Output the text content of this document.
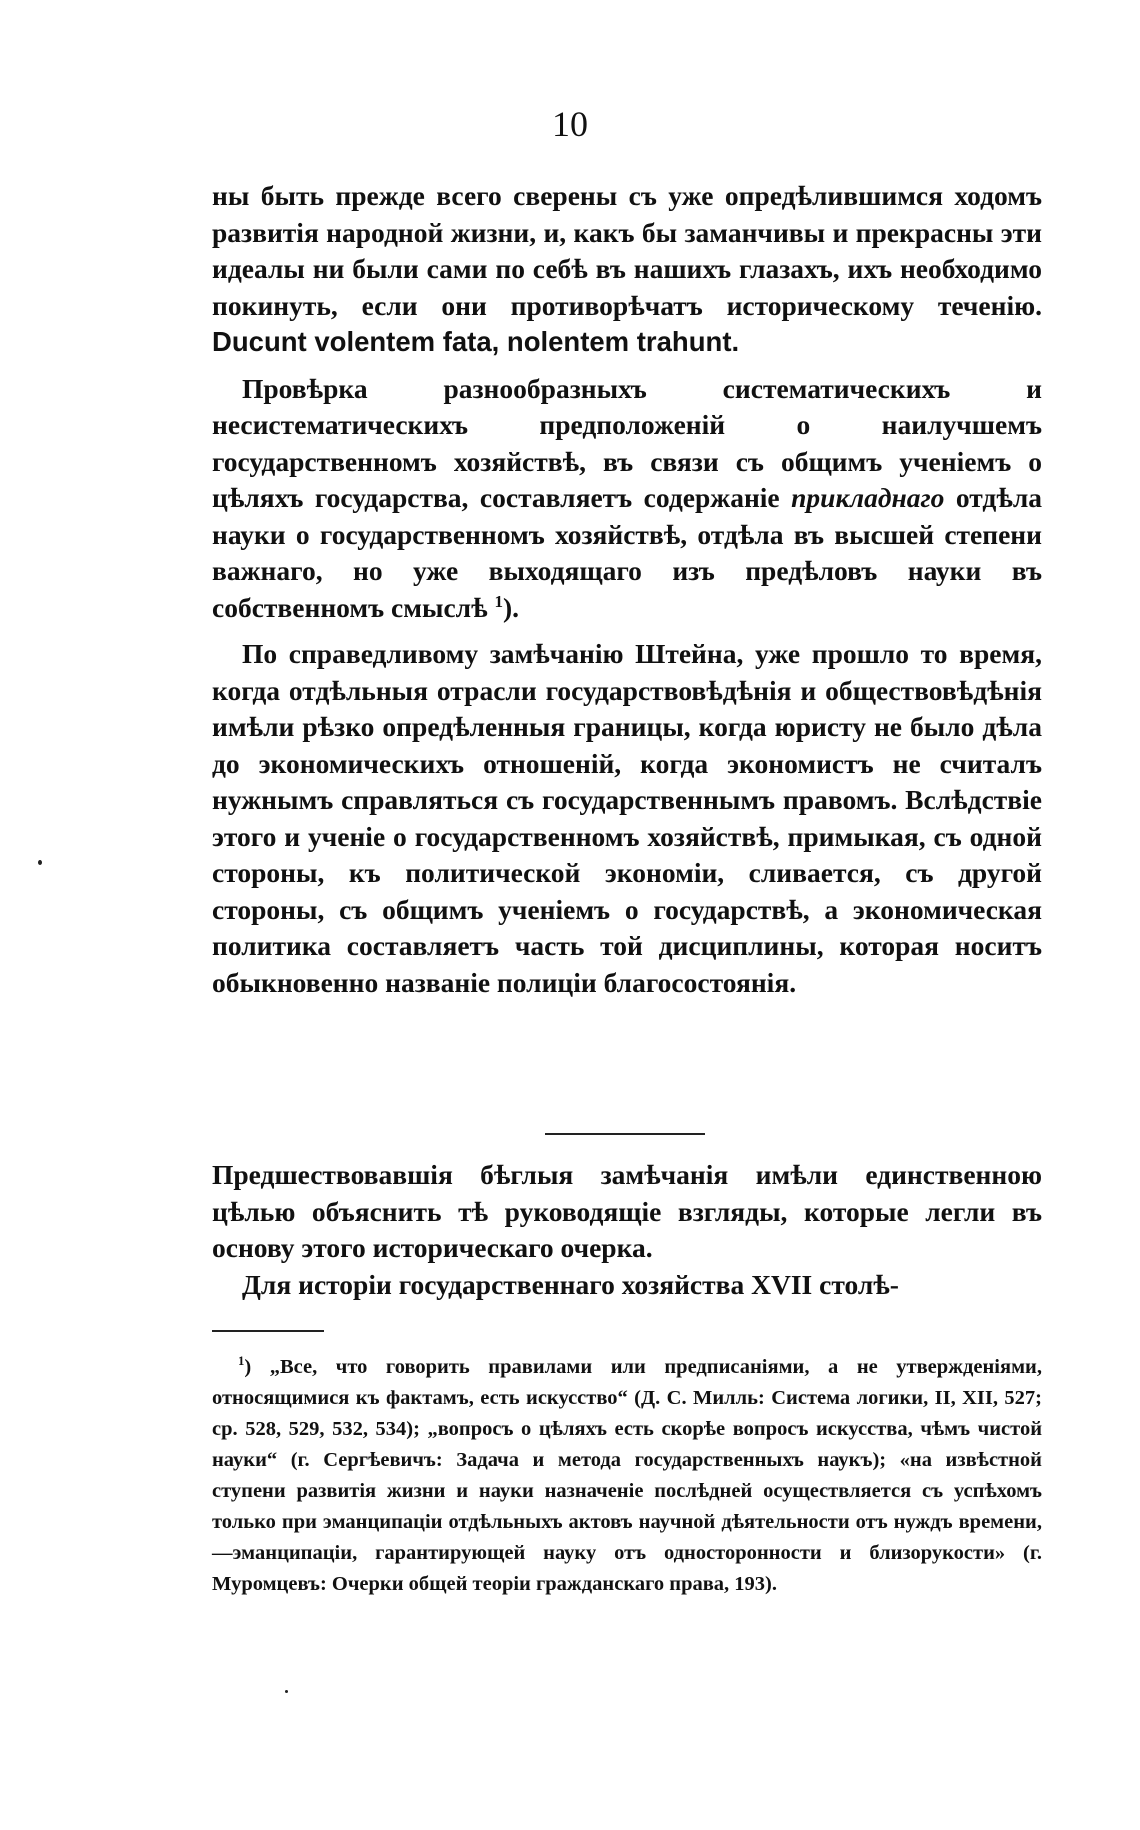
10

ны быть прежде всего сверены съ уже опредѣлившимся ходомъ развитія народной жизни, и, какъ бы заманчивы и прекрасны эти идеалы ни были сами по себѣ въ нашихъ глазахъ, ихъ необходимо покинуть, если они противорѣчатъ историческому теченію. Ducunt volentem fata, nolentem trahunt.

Провѣрка разнообразныхъ систематическихъ и несистематическихъ предположеній о наилучшемъ государственномъ хозяйствѣ, въ связи съ общимъ ученіемъ о цѣляхъ государства, составляетъ содержаніе прикладнаго отдѣла науки о государственномъ хозяйствѣ, отдѣла въ высшей степени важнаго, но уже выходящаго изъ предѣловъ науки въ собственномъ смыслѣ $^1$).

По справедливому замѣчанію Штейна, уже прошло то время, когда отдѣльныя отрасли государствовѣдѣнія и обществовѣдѣнія имѣли рѣзко опредѣленныя границы, когда юристу не было дѣла до экономическихъ отношеній, когда экономистъ не считалъ нужнымъ справляться съ государственнымъ правомъ. Вслѣдствіе этого и ученіе о государственномъ хозяйствѣ, примыкая, съ одной стороны, къ политической экономіи, сливается, съ другой стороны, съ общимъ ученіемъ о государствѣ, а экономическая политика составляетъ часть той дисциплины, которая носитъ обыкновенно названіе полиціи благосостоянія.

Предшествовавшія бѣглыя замѣчанія имѣли единственною цѣлью объяснить тѣ руководящіе взгляды, которые легли въ основу этого историческаго очерка.

Для исторіи государственнаго хозяйства XVII столѣ-

$^1$) „Все, что говорить правилами или предписаніями, а не утвержденіями, относящимися къ фактамъ, есть искусство“ (Д. С. Милль: Система логики, II, XII, 527; ср. 528, 529, 532, 534); „вопросъ о цѣляхъ есть скорѣе вопросъ искусства, чѣмъ чистой науки“ (г. Сергѣевичъ: Задача и метода государственныхъ наукъ); «на извѣстной ступени развитія жизни и науки назначеніе послѣдней осуществляется съ успѣхомъ только при эманципаціи отдѣльныхъ актовъ научной дѣятельности отъ нуждъ времени,—эманципаціи, гарантирующей науку отъ односторонности и близорукости» (г. Муромцевъ: Очерки общей теоріи гражданскаго права, 193).
